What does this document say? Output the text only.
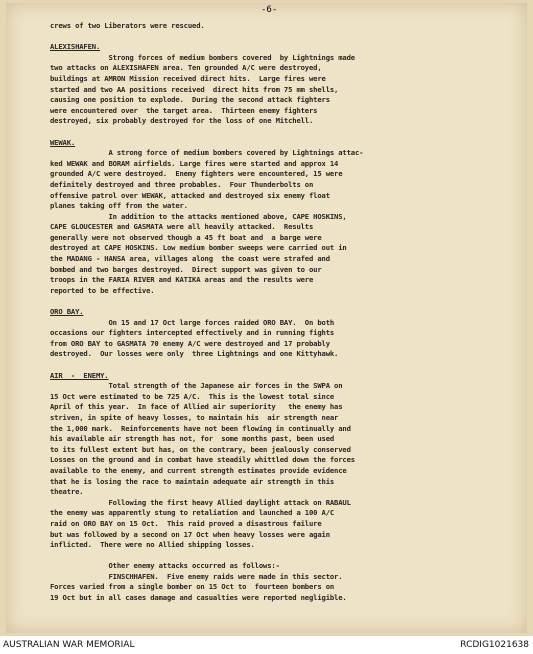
-6-
crews of two Liberators were rescued.
ALEXISHAFEN.
Strong forces of medium bombers covered  by Lightnings made
two attacks on ALEXISHAFEN area. Ten grounded A/C were destroyed,
buildings at AMRON Mission received direct hits.  Large fires were
started and two AA positions received  direct hits from 75 mm shells,
causing one position to explode.  During the second attack fighters
were encountered over  the target area.  Thirteen enemy fighters
destroyed, six probably destroyed for the loss of one Mitchell.
WEWAK.
A strong force of medium bombers covered by Lightnings attac-
ked WEWAK and BORAM airfields. Large fires were started and approx 14
grounded A/C were destroyed.  Enemy fighters were encountered, 15 were
definitely destroyed and three probables.  Four Thunderbolts on
offensive patrol over WEWAK, attacked and destroyed six enemy float
planes taking off from the water.
In addition to the attacks mentioned above, CAPE HOSKINS,
CAPE GLOUCESTER and GASMATA were all heavily attacked.  Results
generally were not observed though a 45 ft boat and  a barge were
destroyed at CAPE HOSKINS. Low medium bomber sweeps were carried out in
the MADANG - HANSA area, villages along  the coast were strafed and
bombed and two barges destroyed.  Direct support was given to our
troops in the FARIA RIVER and KATIKA areas and the results were
reported to be effective.
ORO BAY.
On 15 and 17 Oct large forces raided ORO BAY.  On both
occasions our fighters intercepted effectively and in running fights
from ORO BAY to GASMATA 70 enemy A/C were destroyed and 17 probably
destroyed.  Our losses were only  three Lightnings and one Kittyhawk.
AIR  -  ENEMY.
Total strength of the Japanese air forces in the SWPA on
15 Oct were estimated to be 725 A/C.  This is the lowest total since
April of this year.  In face of Allied air superiority   the enemy has
striven, in spite of heavy losses, to maintain his  air strength near
the 1,000 mark.  Reinforcements have not been flowing in continually and
his available air strength has not, for  some months past, been used
to its fullest extent but has, on the contrary, been jealously conserved
Losses on the ground and in combat have steadily whittled down the forces
available to the enemy, and current strength estimates provide evidence
that he is losing the race to maintain adequate air strength in this
theatre.
Following the first heavy Allied daylight attack on RABAUL
the enemy was apparently stung to retaliation and launched a 100 A/C
raid on ORO BAY on 15 Oct.  This raid proved a disastrous failure
but was followed by a second on 17 Oct when heavy losses were again
inflicted.  There were no Allied shipping losses.
Other enemy attacks occurred as follows:-
FINSCHHAFEN.  Five enemy raids were made in this sector.
Forces varied from a single bomber on 15 Oct to  fourteen bombers on
19 Oct but in all cases damage and casualties were reported negligible.
AUSTRALIAN WAR MEMORIAL	RCDIG1021638
